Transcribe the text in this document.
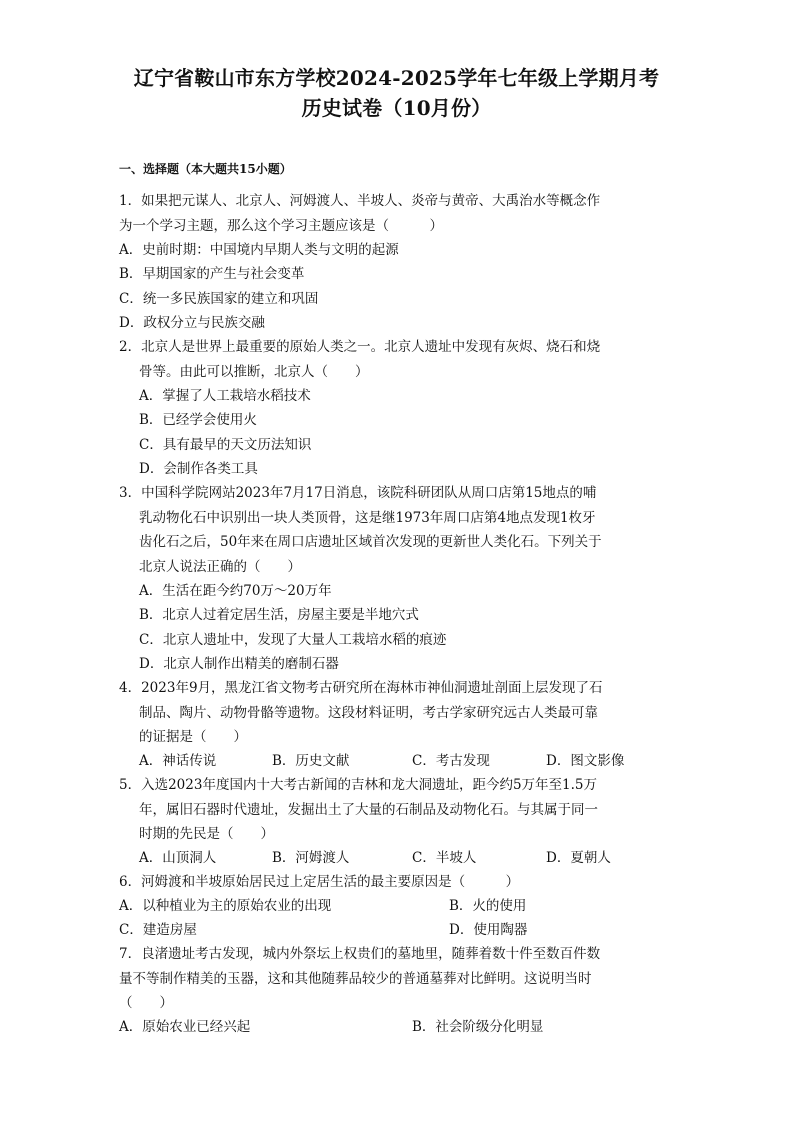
辽宁省鞍山市东方学校2024-2025学年七年级上学期月考
历史试卷（10月份）
一、选择题（本大题共15小题）
1．如果把元谋人、北京人、河姆渡人、半坡人、炎帝与黄帝、大禹治水等概念作
为一个学习主题，那么这个学习主题应该是（　　　）
A．史前时期：中国境内早期人类与文明的起源
B．早期国家的产生与社会变革
C．统一多民族国家的建立和巩固
D．政权分立与民族交融
2．北京人是世界上最重要的原始人类之一。北京人遗址中发现有灰烬、烧石和烧
骨等。由此可以推断，北京人（　　）
A．掌握了人工栽培水稻技术
B．已经学会使用火
C．具有最早的天文历法知识
D．会制作各类工具
3．中国科学院网站2023年7月17日消息，该院科研团队从周口店第15地点的哺
乳动物化石中识别出一块人类顶骨，这是继1973年周口店第4地点发现1枚牙
齿化石之后，50年来在周口店遗址区域首次发现的更新世人类化石。下列关于
北京人说法正确的（　　）
A．生活在距今约70万～20万年
B．北京人过着定居生活，房屋主要是半地穴式
C．北京人遗址中，发现了大量人工栽培水稻的痕迹
D．北京人制作出精美的磨制石器
4．2023年9月，黑龙江省文物考古研究所在海林市神仙洞遗址剖面上层发现了石
制品、陶片、动物骨骼等遗物。这段材料证明，考古学家研究远古人类最可靠
的证据是（　　）
A．神话传说	B．历史文献	C．考古发现	D．图文影像
5．入选2023年度国内十大考古新闻的吉林和龙大洞遗址，距今约5万年至1.5万
年，属旧石器时代遗址，发掘出土了大量的石制品及动物化石。与其属于同一
时期的先民是（　　）
A．山顶洞人	B．河姆渡人	C．半坡人	D．夏朝人
6．河姆渡和半坡原始居民过上定居生活的最主要原因是（　　　）
A．以种植业为主的原始农业的出现	B．火的使用
C．建造房屋	D．使用陶器
7．良渚遗址考古发现，城内外祭坛上权贵们的墓地里，随葬着数十件至数百件数
量不等制作精美的玉器，这和其他随葬品较少的普通墓葬对比鲜明。这说明当时
（　　）
A．原始农业已经兴起	B．社会阶级分化明显
